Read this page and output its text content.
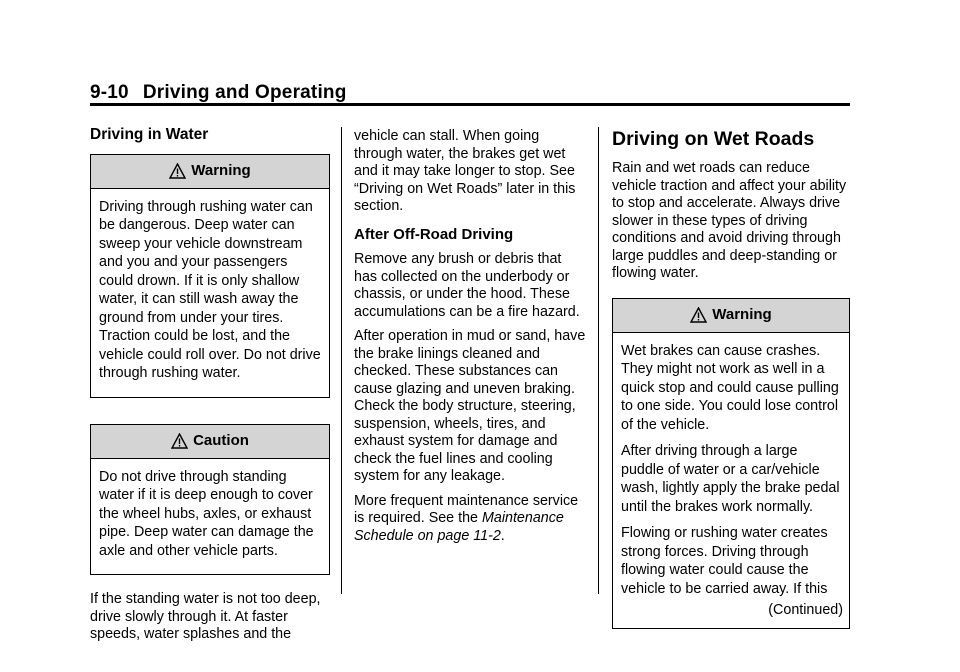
9-10 Driving and Operating
Driving in Water
Warning

Driving through rushing water can be dangerous. Deep water can sweep your vehicle downstream and you and your passengers could drown. If it is only shallow water, it can still wash away the ground from under your tires. Traction could be lost, and the vehicle could roll over. Do not drive through rushing water.

Caution

Do not drive through standing water if it is deep enough to cover the wheel hubs, axles, or exhaust pipe. Deep water can damage the axle and other vehicle parts.

If the standing water is not too deep, drive slowly through it. At faster speeds, water splashes and the

vehicle can stall. When going through water, the brakes get wet and it may take longer to stop. See “Driving on Wet Roads” later in this section.

After Off-Road Driving

Remove any brush or debris that has collected on the underbody or chassis, or under the hood. These accumulations can be a fire hazard.

After operation in mud or sand, have the brake linings cleaned and checked. These substances can cause glazing and uneven braking. Check the body structure, steering, suspension, wheels, tires, and exhaust system for damage and check the fuel lines and cooling system for any leakage.

More frequent maintenance service is required. See the Maintenance Schedule on page 11-2.

Driving on Wet Roads

Rain and wet roads can reduce vehicle traction and affect your ability to stop and accelerate. Always drive slower in these types of driving conditions and avoid driving through large puddles and deep-standing or flowing water.

Warning

Wet brakes can cause crashes. They might not work as well in a quick stop and could cause pulling to one side. You could lose control of the vehicle.

After driving through a large puddle of water or a car/vehicle wash, lightly apply the brake pedal until the brakes work normally.

Flowing or rushing water creates strong forces. Driving through flowing water could cause the vehicle to be carried away. If this

(Continued)
